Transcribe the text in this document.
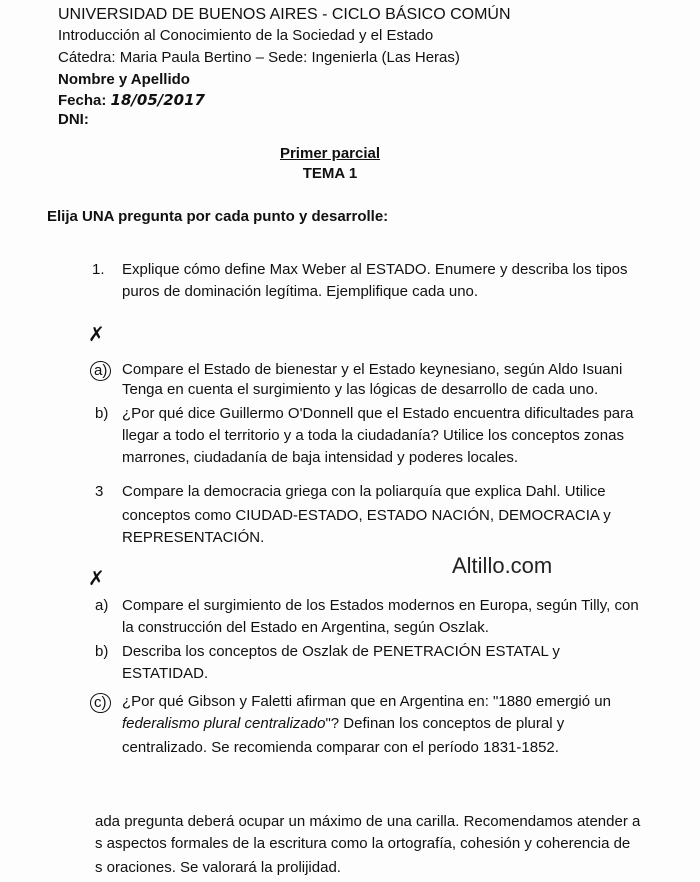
UNIVERSIDAD DE BUENOS AIRES - CICLO BÁSICO COMÚN
Introducción al Conocimiento de la Sociedad y el Estado
Cátedra: Maria Paula Bertino – Sede: Ingenierla (Las Heras)
Nombre y Apellido
Fecha: 18/05/2017
DNI:
Primer parcial
TEMA 1
Elija UNA pregunta por cada punto y desarrolle:
1. Explique cómo define Max Weber al ESTADO. Enumere y describa los tipos
puros de dominación legítima. Ejemplifique cada uno.
✗
a) Compare el Estado de bienestar y el Estado keynesiano, según Aldo Isuani
Tenga en cuenta el surgimiento y las lógicas de desarrollo de cada uno.
b) ¿Por qué dice Guillermo O'Donnell que el Estado encuentra dificultades para
llegar a todo el territorio y a toda la ciudadanía? Utilice los conceptos zonas
marrones, ciudadanía de baja intensidad y poderes locales.
3 Compare la democracia griega con la poliarquía que explica Dahl. Utilice
conceptos como CIUDAD-ESTADO, ESTADO NACIÓN, DEMOCRACIA y
REPRESENTACIÓN.
Altillo.com
✗
a) Compare el surgimiento de los Estados modernos en Europa, según Tilly, con
la construcción del Estado en Argentina, según Oszlak.
b) Describa los conceptos de Oszlak de PENETRACIÓN ESTATAL y
ESTATIDAD.
c) ¿Por qué Gibson y Faletti afirman que en Argentina en: "1880 emergió un
federalismo plural centralizado"? Definan los conceptos de plural y
centralizado. Se recomienda comparar con el período 1831-1852.
ada pregunta deberá ocupar un máximo de una carilla. Recomendamos atender a
s aspectos formales de la escritura como la ortografía, cohesión y coherencia de
s oraciones. Se valorará la prolijidad.
